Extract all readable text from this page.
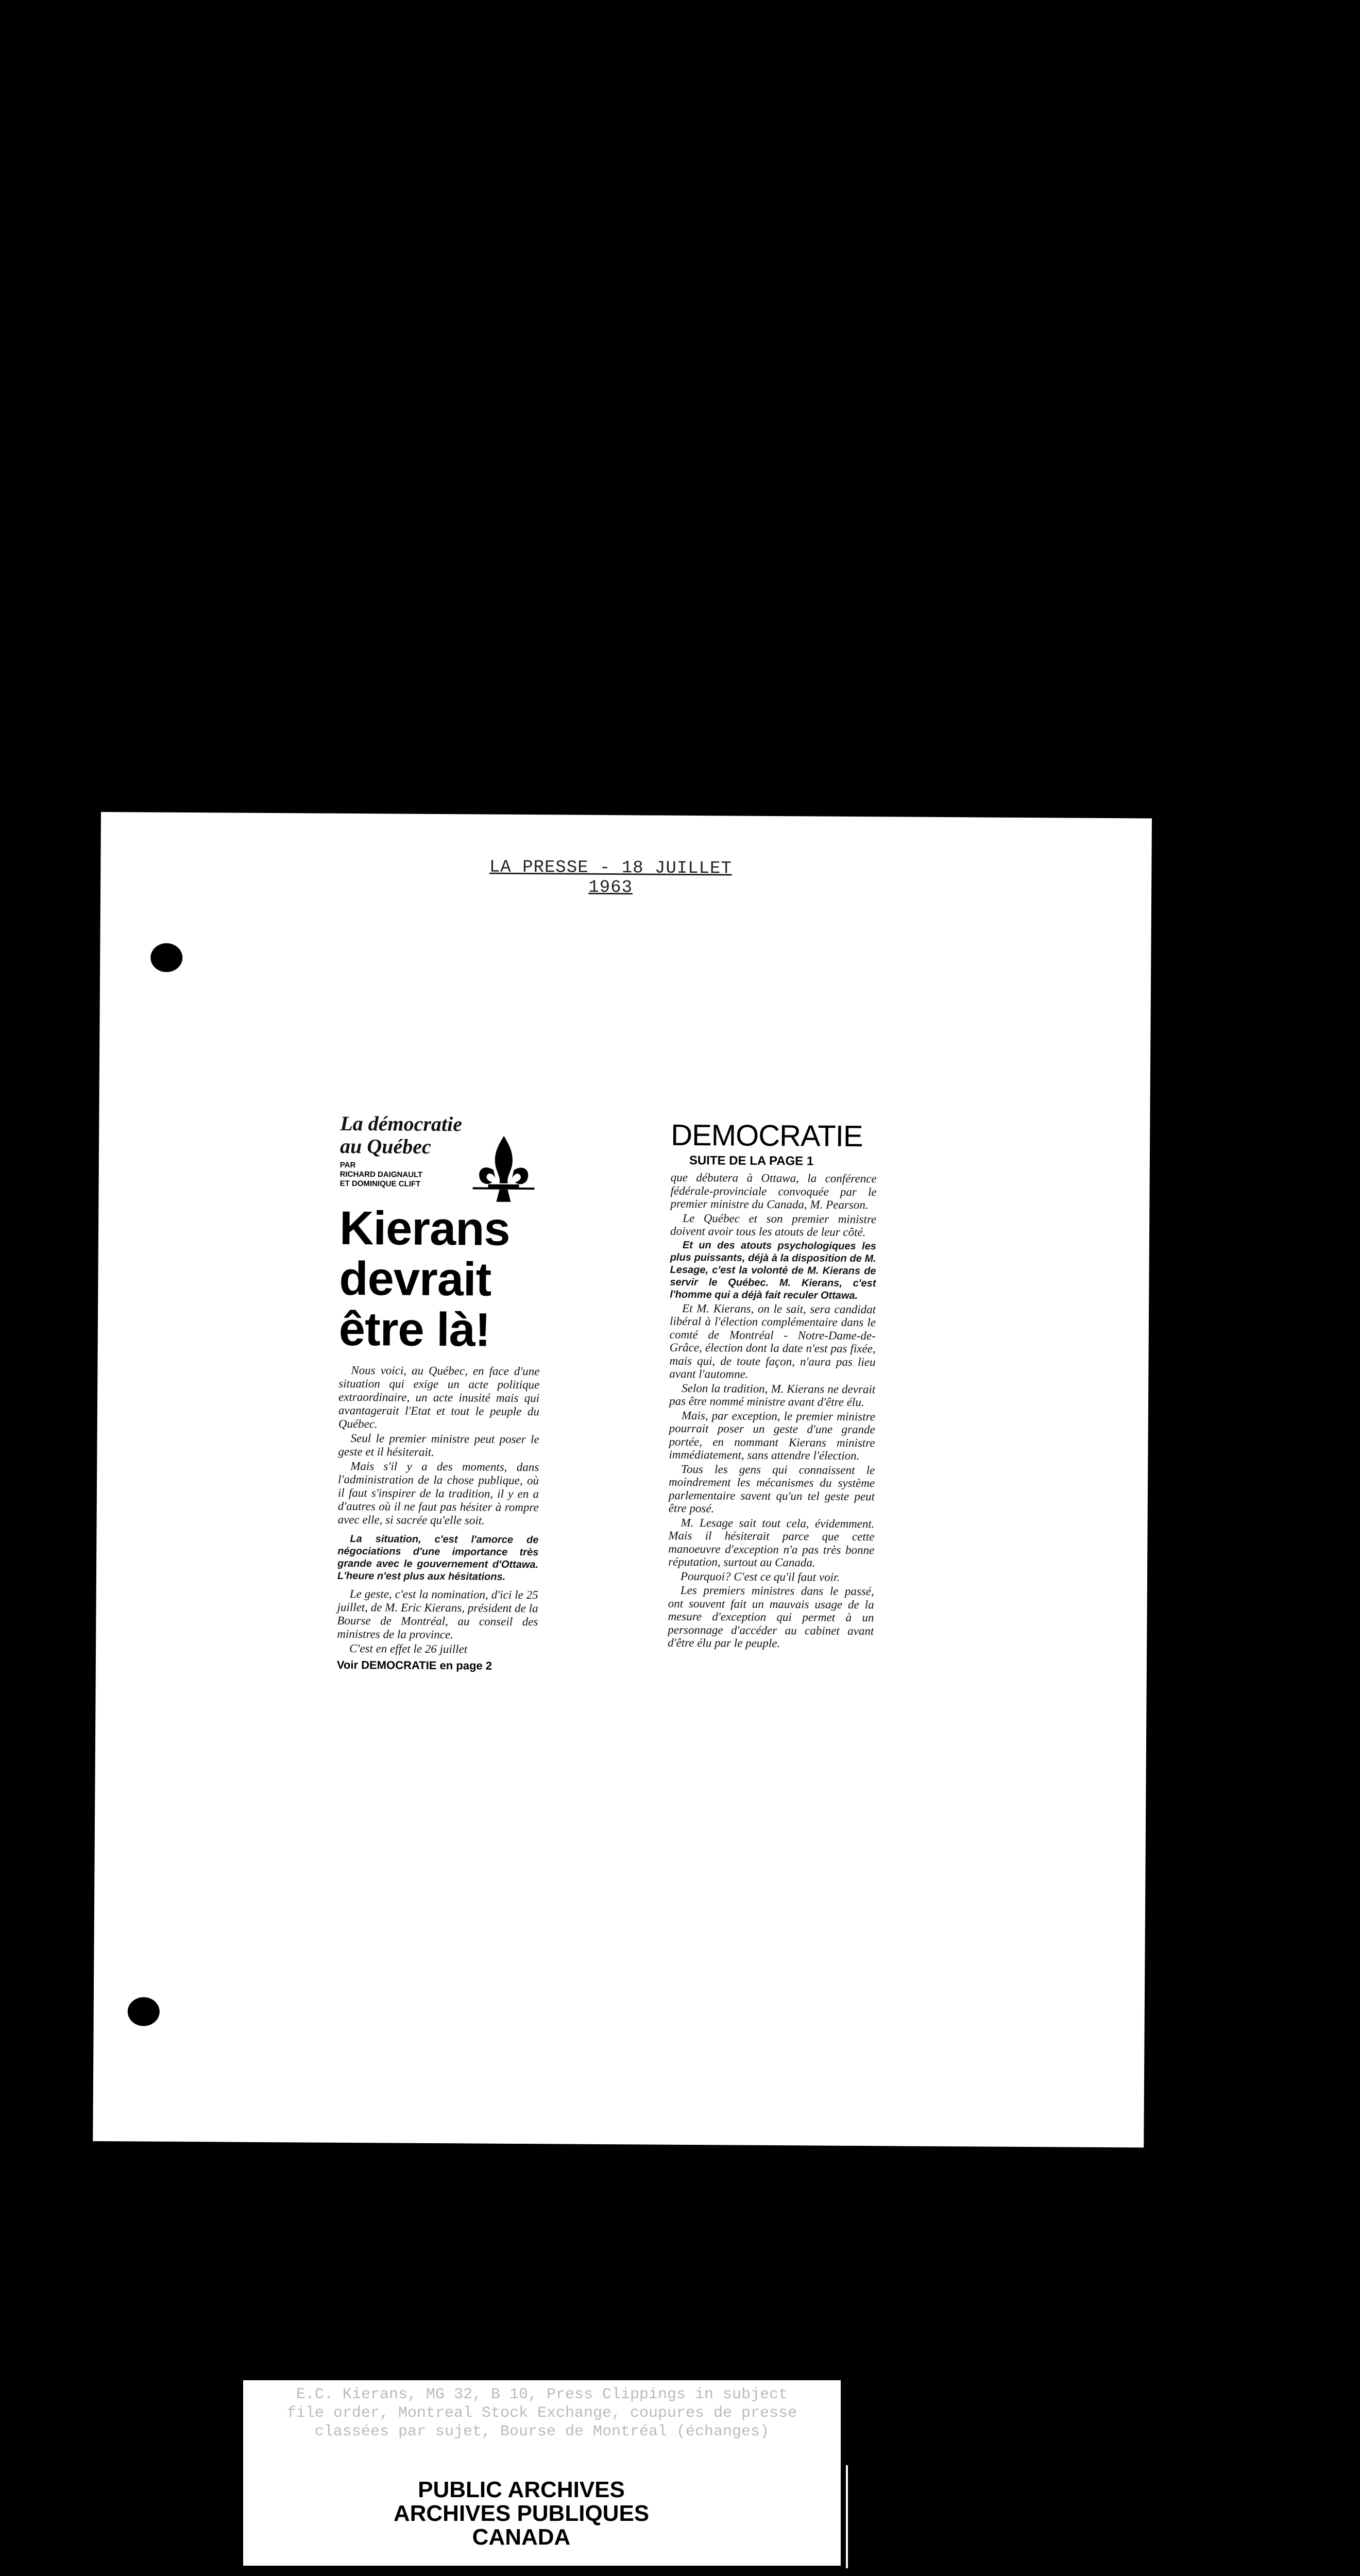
LA PRESSE - 18 JUILLET 1963
La démocratie au Québec
PAR
RICHARD DAIGNAULT
ET DOMINIQUE CLIFT
Kierans
devrait
être là!

Nous voici, au Québec, en face d'une situation qui exige un acte politique extraordinaire, un acte inusité mais qui avantagerait l'Etat et tout le peuple du Québec.

Seul le premier ministre peut poser le geste et il hésiterait.

Mais s'il y a des moments, dans l'administration de la chose publique, où il faut s'inspirer de la tradition, il y en a d'autres où il ne faut pas hésiter à rompre avec elle, si sacrée qu'elle soit.

La situation, c'est l'amorce de négociations d'une importance très grande avec le gouvernement d'Ottawa. L'heure n'est plus aux hésitations.

Le geste, c'est la nomination, d'ici le 25 juillet, de M. Eric Kierans, président de la Bourse de Montréal, au conseil des ministres de la province.

C'est en effet le 26 juillet

Voir DEMOCRATIE en page 2
DEMOCRATIE
SUITE DE LA PAGE 1

que débutera à Ottawa, la conférence fédérale-provinciale convoquée par le premier ministre du Canada, M. Pearson.

Le Québec et son premier ministre doivent avoir tous les atouts de leur côté.

Et un des atouts psychologiques les plus puissants, déjà à la disposition de M. Lesage, c'est la volonté de M. Kierans de servir le Québec. M. Kierans, c'est l'homme qui a déjà fait reculer Ottawa.

Et M. Kierans, on le sait, sera candidat libéral à l'élection complémentaire dans le comté de Montréal - Notre-Dame-de-Grâce, élection dont la date n'est pas fixée, mais qui, de toute façon, n'aura pas lieu avant l'automne.

Selon la tradition, M. Kierans ne devrait pas être nommé ministre avant d'être élu.

Mais, par exception, le premier ministre pourrait poser un geste d'une grande portée, en nommant Kierans ministre immédiatement, sans attendre l'élection.

Tous les gens qui connaissent le moindrement les mécanismes du système parlementaire savent qu'un tel geste peut être posé.

M. Lesage sait tout cela, évidemment. Mais il hésiterait parce que cette manoeuvre d'exception n'a pas très bonne réputation, surtout au Canada.

Pourquoi? C'est ce qu'il faut voir.

Les premiers ministres dans le passé, ont souvent fait un mauvais usage de la mesure d'exception qui permet à un personnage d'accéder au cabinet avant d'être élu par le peuple.

E.C. Kierans, MG 32, B 10, Press Clippings in subject
file order, Montreal Stock Exchange, coupures de presse
classées par sujet, Bourse de Montréal (échanges)
PUBLIC ARCHIVES
ARCHIVES PUBLIQUES
CANADA
